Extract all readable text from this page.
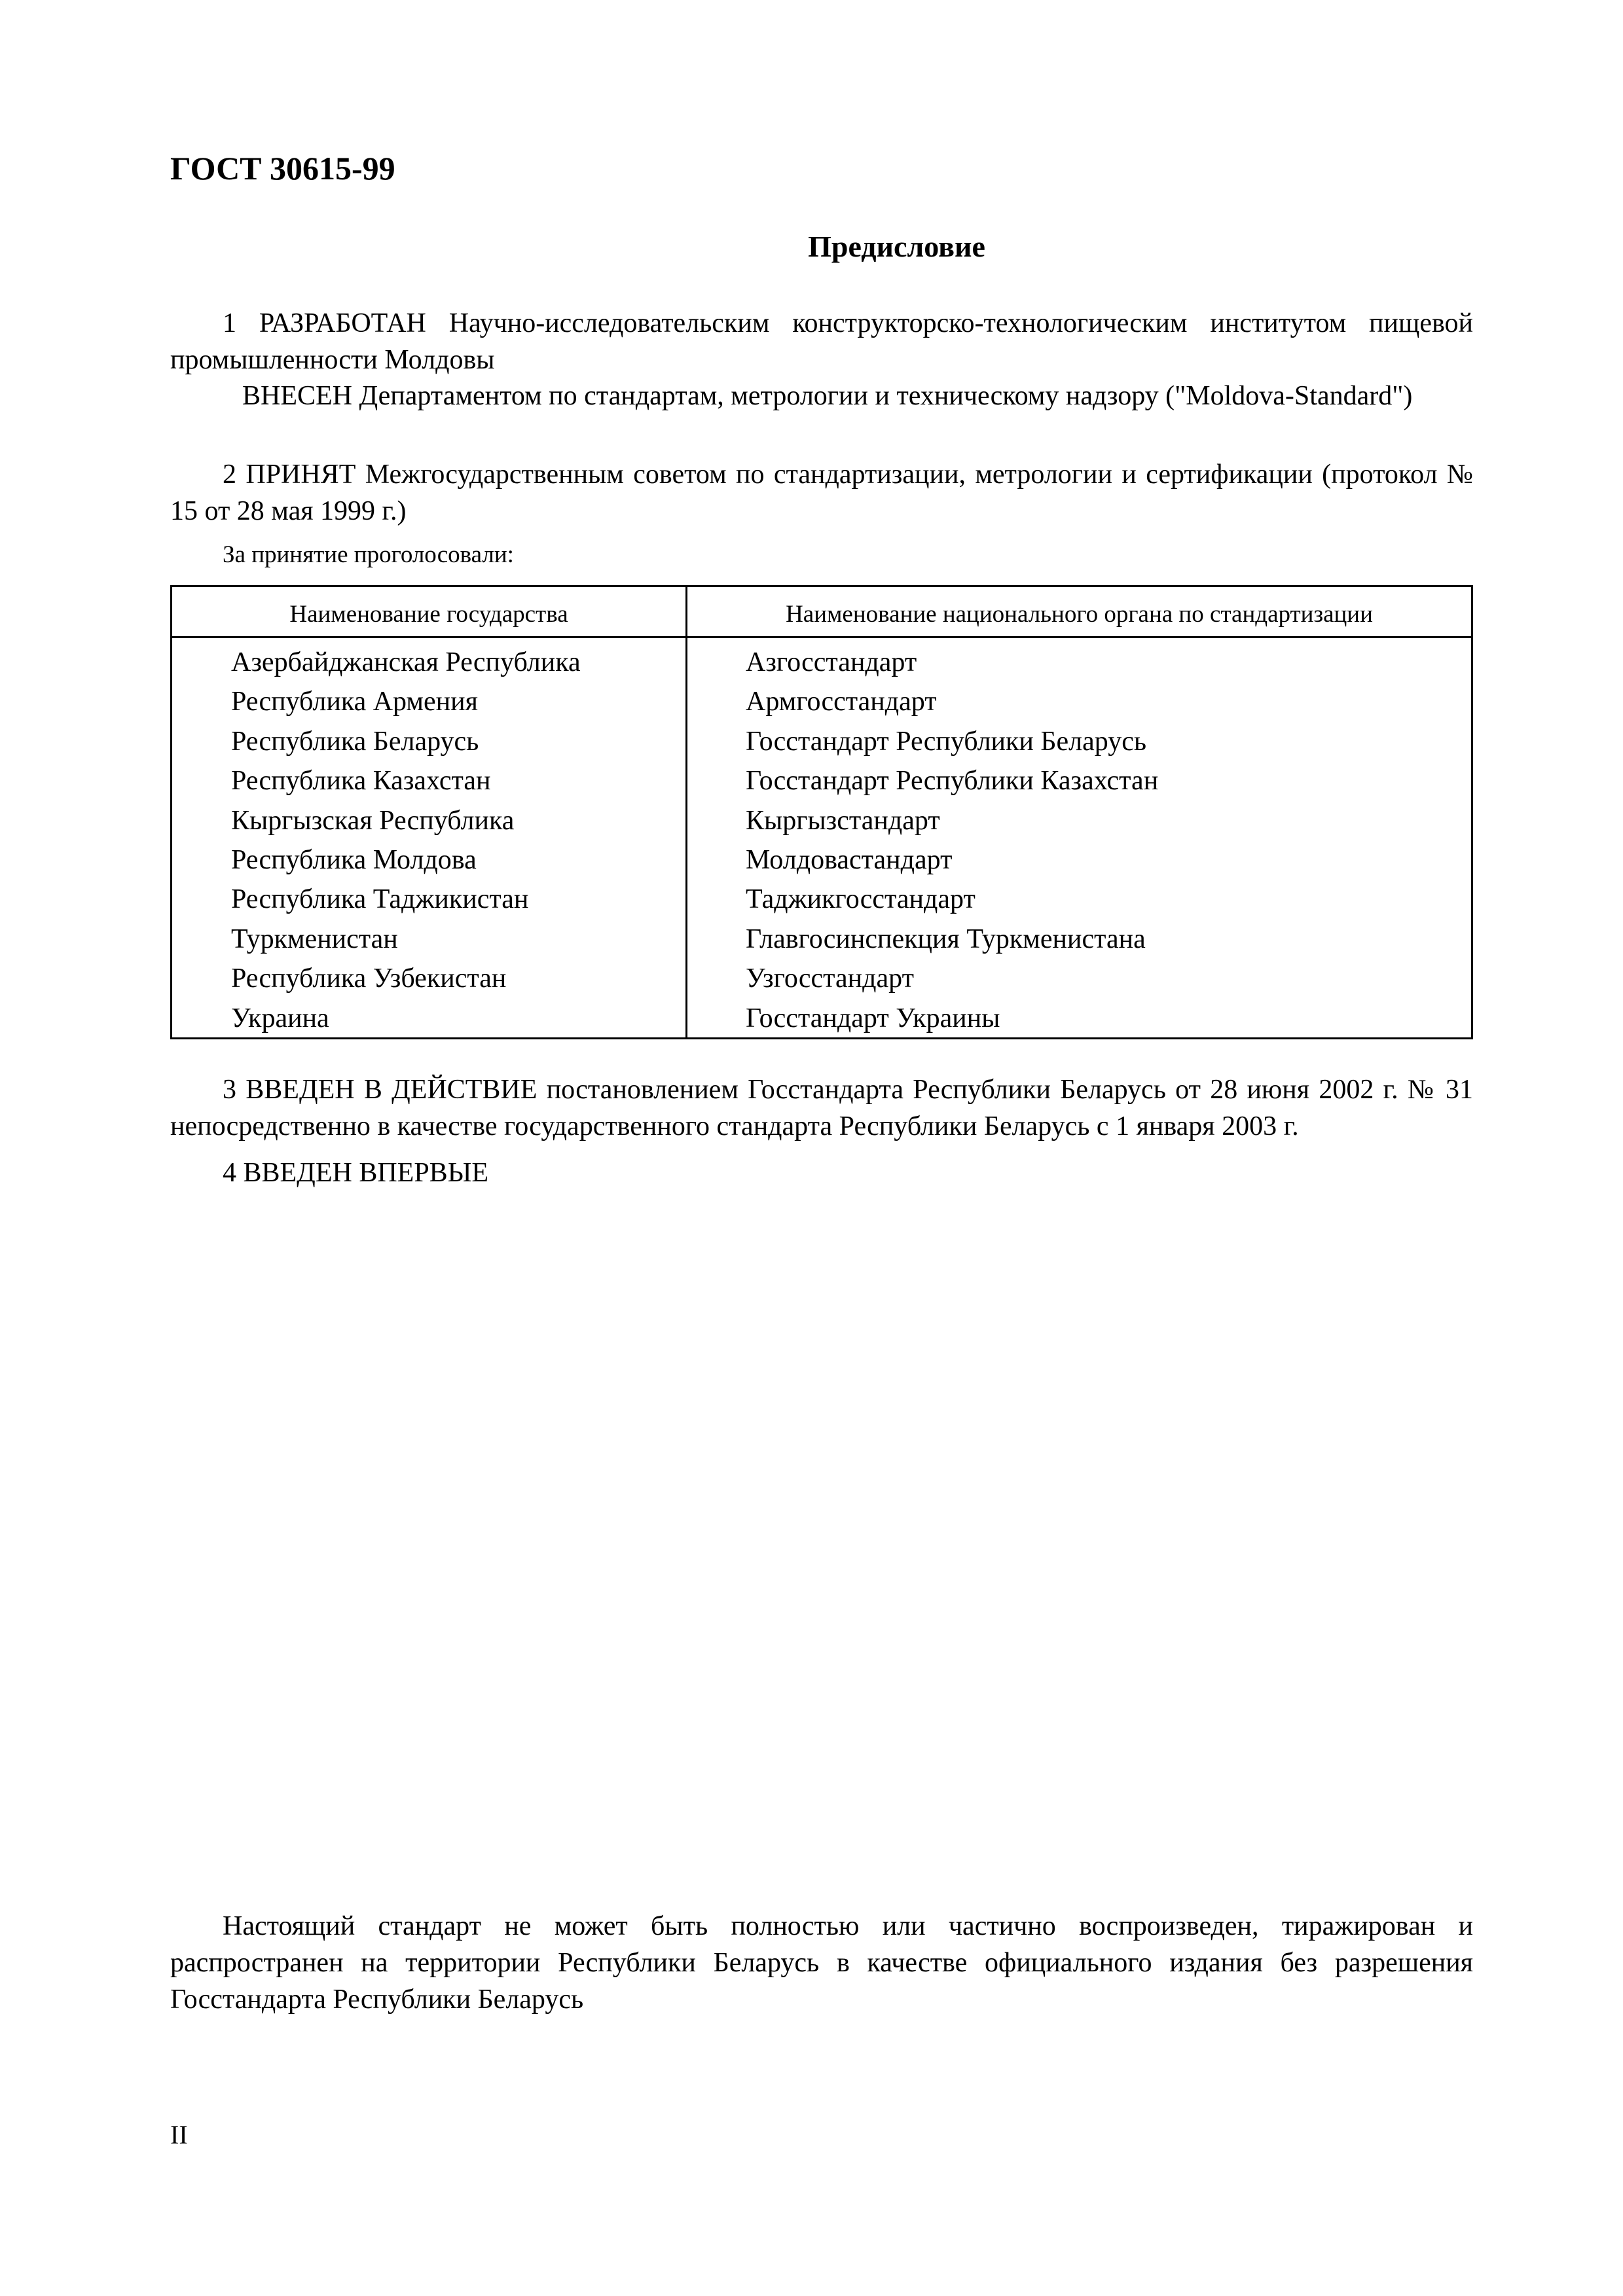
ГОСТ 30615-99
Предисловие

1 РАЗРАБОТАН Научно-исследовательским конструкторско-технологическим институтом пищевой промышленности Молдовы

ВНЕСЕН Департаментом по стандартам, метрологии и техническому надзору ("Moldova-Standard")

2 ПРИНЯТ Межгосударственным советом по стандартизации, метрологии и сертификации (протокол № 15 от 28 мая 1999 г.)

За принятие проголосовали:
Наименование государства	Наименование национального органа по стандартизации
Азербайджанская Республика	Азгосстандарт
Республика Армения	Армгосстандарт
Республика Беларусь	Госстандарт Республики Беларусь
Республика Казахстан	Госстандарт Республики Казахстан
Кыргызская Республика	Кыргызстандарт
Республика Молдова	Молдовастандарт
Республика Таджикистан	Таджикгосстандарт
Туркменистан	Главгосинспекция Туркменистана
Республика Узбекистан	Узгосстандарт
Украина	Госстандарт Украины

3 ВВЕДЕН В ДЕЙСТВИЕ постановлением Госстандарта Республики Беларусь от 28 июня 2002 г. № 31 непосредственно в качестве государственного стандарта Республики Беларусь с 1 января 2003 г.

4 ВВЕДЕН ВПЕРВЫЕ

Настоящий стандарт не может быть полностью или частично воспроизведен, тиражирован и распространен на территории Республики Беларусь в качестве официального издания без разрешения Госстандарта Республики Беларусь

II
